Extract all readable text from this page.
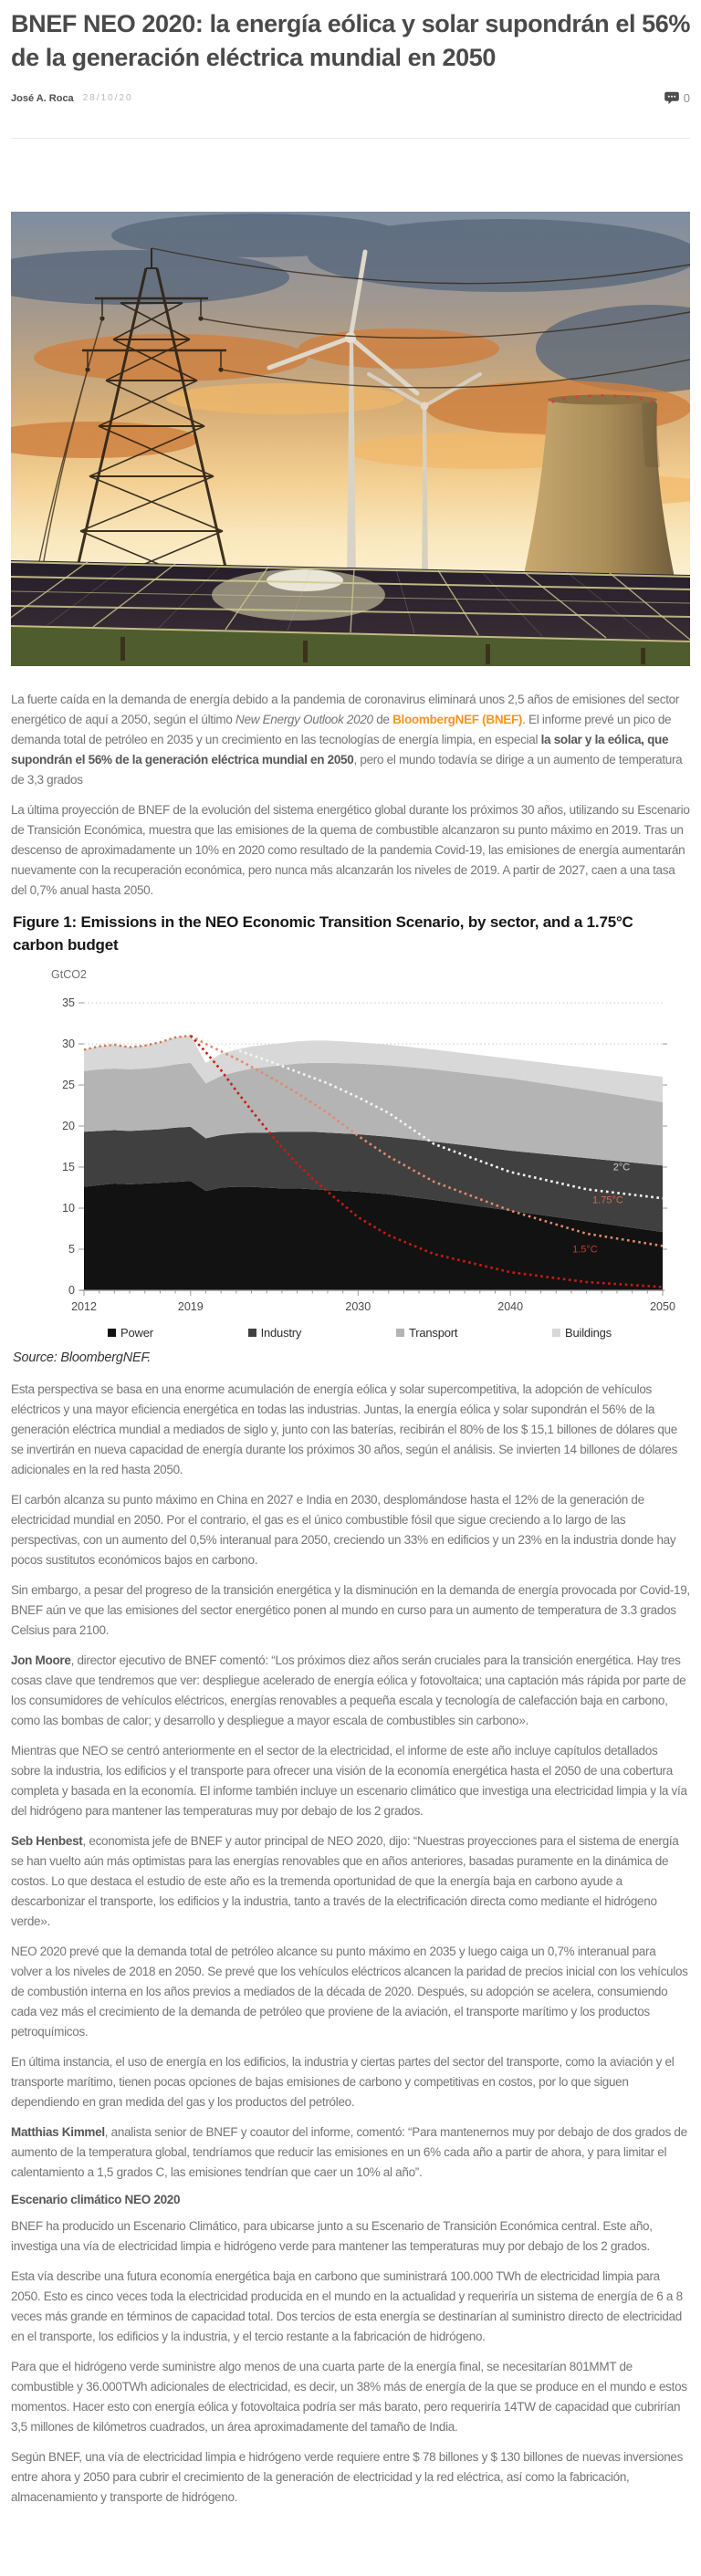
BNEF NEO 2020: la energía eólica y solar supondrán el 56% de la generación eléctrica mundial en 2050
José A. Roca 28/10/20	0

La fuerte caída en la demanda de energía debido a la pandemia de coronavirus eliminará unos 2,5 años de emisiones del sector energético de aquí a 2050, según el último New Energy Outlook 2020 de BloombergNEF (BNEF). El informe prevé un pico de demanda total de petróleo en 2035 y un crecimiento en las tecnologías de energía limpia, en especial la solar y la eólica, que supondrán el 56% de la generación eléctrica mundial en 2050, pero el mundo todavía se dirige a un aumento de temperatura de 3,3 grados

La última proyección de BNEF de la evolución del sistema energético global durante los próximos 30 años, utilizando su Escenario de Transición Económica, muestra que las emisiones de la quema de combustible alcanzaron su punto máximo en 2019. Tras un descenso de aproximadamente un 10% en 2020 como resultado de la pandemia Covid-19, las emisiones de energía aumentarán nuevamente con la recuperación económica, pero nunca más alcanzarán los niveles de 2019. A partir de 2027, caen a una tasa del 0,7% anual hasta 2050.

Figure 1: Emissions in the NEO Economic Transition Scenario, by sector, and a 1.75°C carbon budget
GtCO2
0
5
10
15
20
25
30
35
2°C
1.75°C
1.5°C
2012	2019	2030	2040	2050
Power	Industry	Transport	Buildings
Source: BloombergNEF.

Esta perspectiva se basa en una enorme acumulación de energía eólica y solar supercompetitiva, la adopción de vehículos eléctricos y una mayor eficiencia energética en todas las industrias. Juntas, la energía eólica y solar supondrán el 56% de la generación eléctrica mundial a mediados de siglo y, junto con las baterías, recibirán el 80% de los $ 15,1 billones de dólares que se invertirán en nueva capacidad de energía durante los próximos 30 años, según el análisis. Se invierten 14 billones de dólares adicionales en la red hasta 2050.

El carbón alcanza su punto máximo en China en 2027 e India en 2030, desplomándose hasta el 12% de la generación de electricidad mundial en 2050. Por el contrario, el gas es el único combustible fósil que sigue creciendo a lo largo de las perspectivas, con un aumento del 0,5% interanual para 2050, creciendo un 33% en edificios y un 23% en la industria donde hay pocos sustitutos económicos bajos en carbono.

Sin embargo, a pesar del progreso de la transición energética y la disminución en la demanda de energía provocada por Covid-19, BNEF aún ve que las emisiones del sector energético ponen al mundo en curso para un aumento de temperatura de 3.3 grados Celsius para 2100.

Jon Moore, director ejecutivo de BNEF comentó: “Los próximos diez años serán cruciales para la transición energética. Hay tres cosas clave que tendremos que ver: despliegue acelerado de energía eólica y fotovoltaica; una captación más rápida por parte de los consumidores de vehículos eléctricos, energías renovables a pequeña escala y tecnología de calefacción baja en carbono, como las bombas de calor; y desarrollo y despliegue a mayor escala de combustibles sin carbono».

Mientras que NEO se centró anteriormente en el sector de la electricidad, el informe de este año incluye capítulos detallados sobre la industria, los edificios y el transporte para ofrecer una visión de la economía energética hasta el 2050 de una cobertura completa y basada en la economía. El informe también incluye un escenario climático que investiga una electricidad limpia y la vía del hidrógeno para mantener las temperaturas muy por debajo de los 2 grados.

Seb Henbest, economista jefe de BNEF y autor principal de NEO 2020, dijo: “Nuestras proyecciones para el sistema de energía se han vuelto aún más optimistas para las energías renovables que en años anteriores, basadas puramente en la dinámica de costos. Lo que destaca el estudio de este año es la tremenda oportunidad de que la energía baja en carbono ayude a descarbonizar el transporte, los edificios y la industria, tanto a través de la electrificación directa como mediante el hidrógeno verde».

NEO 2020 prevé que la demanda total de petróleo alcance su punto máximo en 2035 y luego caiga un 0,7% interanual para volver a los niveles de 2018 en 2050. Se prevé que los vehículos eléctricos alcancen la paridad de precios inicial con los vehículos de combustión interna en los años previos a mediados de la década de 2020. Después, su adopción se acelera, consumiendo cada vez más el crecimiento de la demanda de petróleo que proviene de la aviación, el transporte marítimo y los productos petroquímicos.

En última instancia, el uso de energía en los edificios, la industria y ciertas partes del sector del transporte, como la aviación y el transporte marítimo, tienen pocas opciones de bajas emisiones de carbono y competitivas en costos, por lo que siguen dependiendo en gran medida del gas y los productos del petróleo.

Matthias Kimmel, analista senior de BNEF y coautor del informe, comentó: “Para mantenernos muy por debajo de dos grados de aumento de la temperatura global, tendríamos que reducir las emisiones en un 6% cada año a partir de ahora, y para limitar el calentamiento a 1,5 grados C, las emisiones tendrían que caer un 10% al año”.

Escenario climático NEO 2020

BNEF ha producido un Escenario Climático, para ubicarse junto a su Escenario de Transición Económica central. Este año, investiga una vía de electricidad limpia e hidrógeno verde para mantener las temperaturas muy por debajo de los 2 grados.

Esta vía describe una futura economía energética baja en carbono que suministrará 100.000 TWh de electricidad limpia para 2050. Esto es cinco veces toda la electricidad producida en el mundo en la actualidad y requeriría un sistema de energía de 6 a 8 veces más grande en términos de capacidad total. Dos tercios de esta energía se destinarían al suministro directo de electricidad en el transporte, los edificios y la industria, y el tercio restante a la fabricación de hidrógeno.

Para que el hidrógeno verde suministre algo menos de una cuarta parte de la energía final, se necesitarían 801MMT de combustible y 36.000TWh adicionales de electricidad, es decir, un 38% más de energía de la que se produce en el mundo e estos momentos. Hacer esto con energía eólica y fotovoltaica podría ser más barato, pero requeriría 14TW de capacidad que cubrirían 3,5 millones de kilómetros cuadrados, un área aproximadamente del tamaño de India.

Según BNEF, una vía de electricidad limpia e hidrógeno verde requiere entre $ 78 billones y $ 130 billones de nuevas inversiones entre ahora y 2050 para cubrir el crecimiento de la generación de electricidad y la red eléctrica, así como la fabricación, almacenamiento y transporte de hidrógeno.
